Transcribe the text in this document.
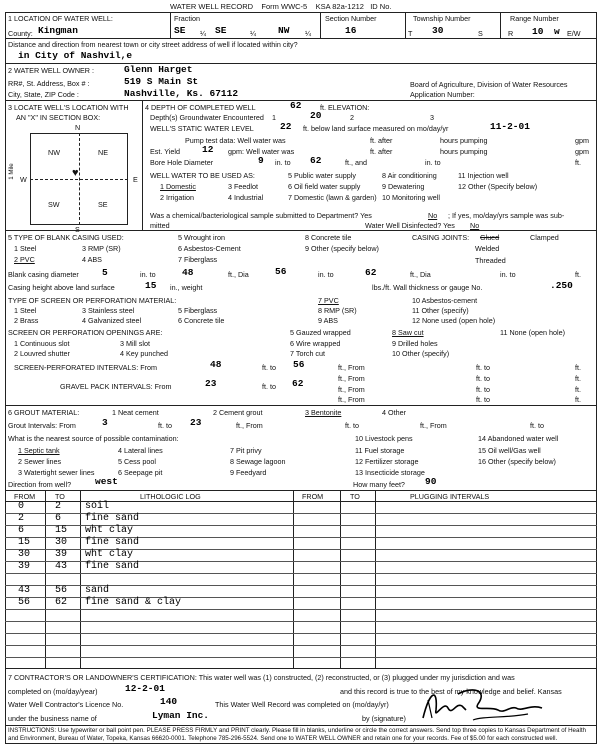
WATER WELL RECORD Form WWC-5 KSA 82a-1212 ID No.
1 LOCATION OF WATER WELL:	Fraction	Section Number	Township Number	Range Number
County: Kingman	SE ¼ SE	¼ NW ¼	16	T 30	S	R 10 w E/W
Distance and direction from nearest town or city street address of well if located within city?
in City of Nashvil,e
2 WATER WELL OWNER :	Glenn Harget
RR#, St. Address, Box # :	519 S Main St
City, State, ZIP Code :	Nashville, Ks. 67112
Board of Agriculture, Division of Water Resources
Application Number:
3 LOCATE WELL'S LOCATION WITH
AN "X" IN SECTION BOX:
N
S
W	E
1 Mile
NW	NE
SW	SE
♥
4 DEPTH OF COMPLETED WELL	62	ft. ELEVATION:
Depth(s) Groundwater Encountered 1	20	2	3
WELL'S STATIC WATER LEVEL	22 ft. below land surface measured on mo/day/yr	11-2-01
Pump test data: Well water was	ft. after	hours pumping	gpm
Est. Yield 12 gpm: Well water was	ft. after	hours pumping	gpm
Bore Hole Diameter	9 in. to 62	ft., and	in. to	ft.
WELL WATER TO BE USED AS:
1 Domestic
2 Irrigation
3 Feedlot
4 Industrial
5 Public water supply
6 Oil field water supply
7 Domestic (lawn & garden)
8 Air conditioning
9 Dewatering
10 Monitoring well
11 Injection well
12 Other (Specify below)
Was a chemical/bacteriological sample submitted to Department? Yes	No ; If yes, mo/day/yrs sample was sub-
mitted	Water Well Disinfected? Yes No
5 TYPE OF BLANK CASING USED:
1 Steel
2 PVC
3 RMP (SR)
4 ABS
5 Wrought iron
6 Asbestos-Cement
7 Fiberglass
8 Concrete tile
9 Other (specify below)
CASING JOINTS: Glued	Clamped
Welded
Threaded
Blank casing diameter 5	in. to	48	ft., Dia	56	in. to	62	ft., Dia	in. to	ft.
Casing height above land surface	15 in., weight	lbs./ft. Wall thickness or gauge No.	.250
TYPE OF SCREEN OR PERFORATION MATERIAL:
1 Steel
2 Brass
3 Stainless steel
4 Galvanized steel
5 Fiberglass
6 Concrete tile
7 PVC
8 RMP (SR)
9 ABS
10 Asbestos-cement
11 Other (specify)
12 None used (open hole)
SCREEN OR PERFORATION OPENINGS ARE:
1 Continuous slot
2 Louvred shutter
3 Mill slot
4 Key punched
5 Gauzed wrapped
6 Wire wrapped
7 Torch cut
8 Saw cut
9 Drilled holes
10 Other (specify)
11 None (open hole)
SCREEN-PERFORATED INTERVALS: From	48	ft. to 56	ft., From	ft. to	ft.
ft., From	ft. to	ft.
GRAVEL PACK INTERVALS: From	23	ft. to 62
ft., From	ft. to	ft.
ft., From	ft. to	ft.
6 GROUT MATERIAL:	1 Neat cement	2 Cement grout	3 Bentonite	4 Other
Grout Intervals: From	3	ft. to 23	ft., From	ft. to	ft., From	ft. to
What is the nearest source of possible contamination:
1 Septic tank
2 Sewer lines
3 Watertight sewer lines
4 Lateral lines
5 Cess pool
6 Seepage pit
7 Pit privy
8 Sewage lagoon
9 Feedyard
10 Livestock pens
11 Fuel storage
12 Fertilizer storage
13 Insecticide storage
14 Abandoned water well
15 Oil well/Gas well
16 Other (specify below)
Direction from well?	west	How many feet? 90
FROM	TO	LITHOLOGIC LOG	FROM	TO	PLUGGING INTERVALS
0	2 soil
2	6 fine sand
6	15 wht clay
15 30 fine sand
30 39 wht clay
39 43 fine sand
43 56 sand
56 62 fine sand & clay
7 CONTRACTOR'S OR LANDOWNER'S CERTIFICATION: This water well was (1) constructed, (2) reconstructed, or (3) plugged under my jurisdiction and was
completed on (mo/day/year)	12-2-01	and this record is true to the best of my knowledge and belief. Kansas
Water Well Contractor's Licence No.	140	This Water Well Record was completed on (mo/day/yr)
under the business name of	Lyman Inc.	by (signature)
INSTRUCTIONS: Use typewriter or ball point pen. PLEASE PRESS FIRMLY and PRINT clearly. Please fill in blanks, underline or circle the correct answers. Send top three copies to Kansas Department of Health and Environment, Bureau of Water, Topeka, Kansas 66620-0001. Telephone 785-296-5524. Send one to WATER WELL OWNER and retain one for your records. Fee of $5.00 for each constructed well.
